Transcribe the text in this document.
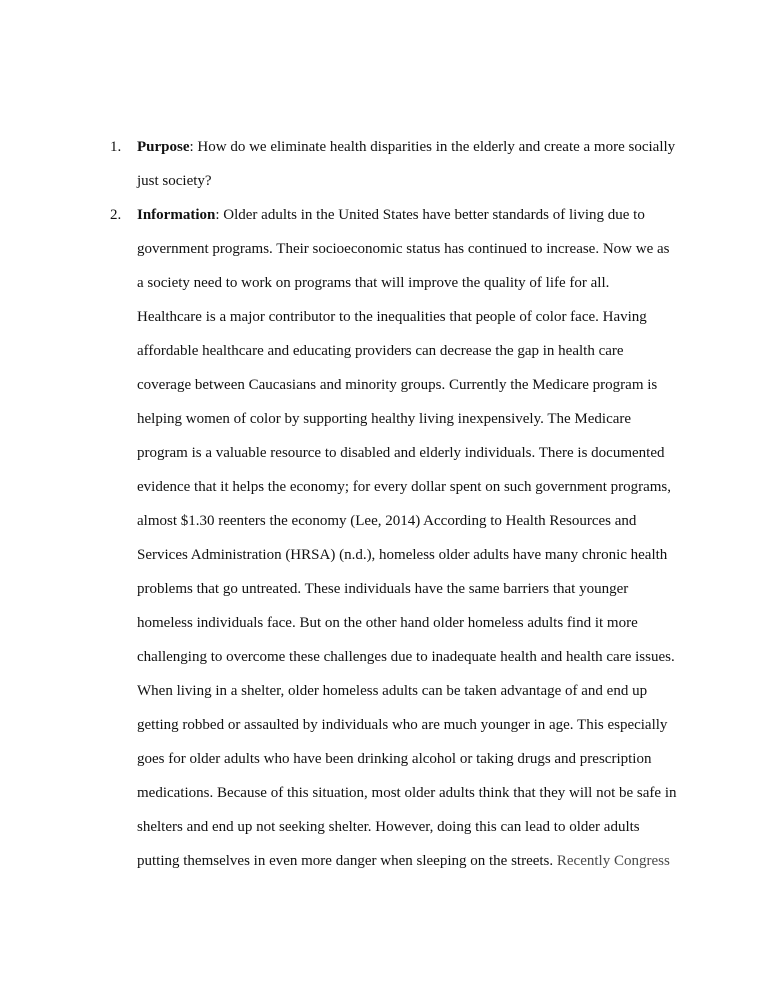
1. Purpose: How do we eliminate health disparities in the elderly and create a more socially
just society?
2. Information: Older adults in the United States have better standards of living due to
government programs. Their socioeconomic status has continued to increase. Now we as
a society need to work on programs that will improve the quality of life for all.
Healthcare is a major contributor to the inequalities that people of color face. Having
affordable healthcare and educating providers can decrease the gap in health care
coverage between Caucasians and minority groups. Currently the Medicare program is
helping women of color by supporting healthy living inexpensively. The Medicare
program is a valuable resource to disabled and elderly individuals. There is documented
evidence that it helps the economy; for every dollar spent on such government programs,
almost $1.30 reenters the economy (Lee, 2014) According to Health Resources and
Services Administration (HRSA) (n.d.), homeless older adults have many chronic health
problems that go untreated. These individuals have the same barriers that younger
homeless individuals face. But on the other hand older homeless adults find it more
challenging to overcome these challenges due to inadequate health and health care issues.
When living in a shelter, older homeless adults can be taken advantage of and end up
getting robbed or assaulted by individuals who are much younger in age. This especially
goes for older adults who have been drinking alcohol or taking drugs and prescription
medications. Because of this situation, most older adults think that they will not be safe in
shelters and end up not seeking shelter. However, doing this can lead to older adults
putting themselves in even more danger when sleeping on the streets. Recently Congress
